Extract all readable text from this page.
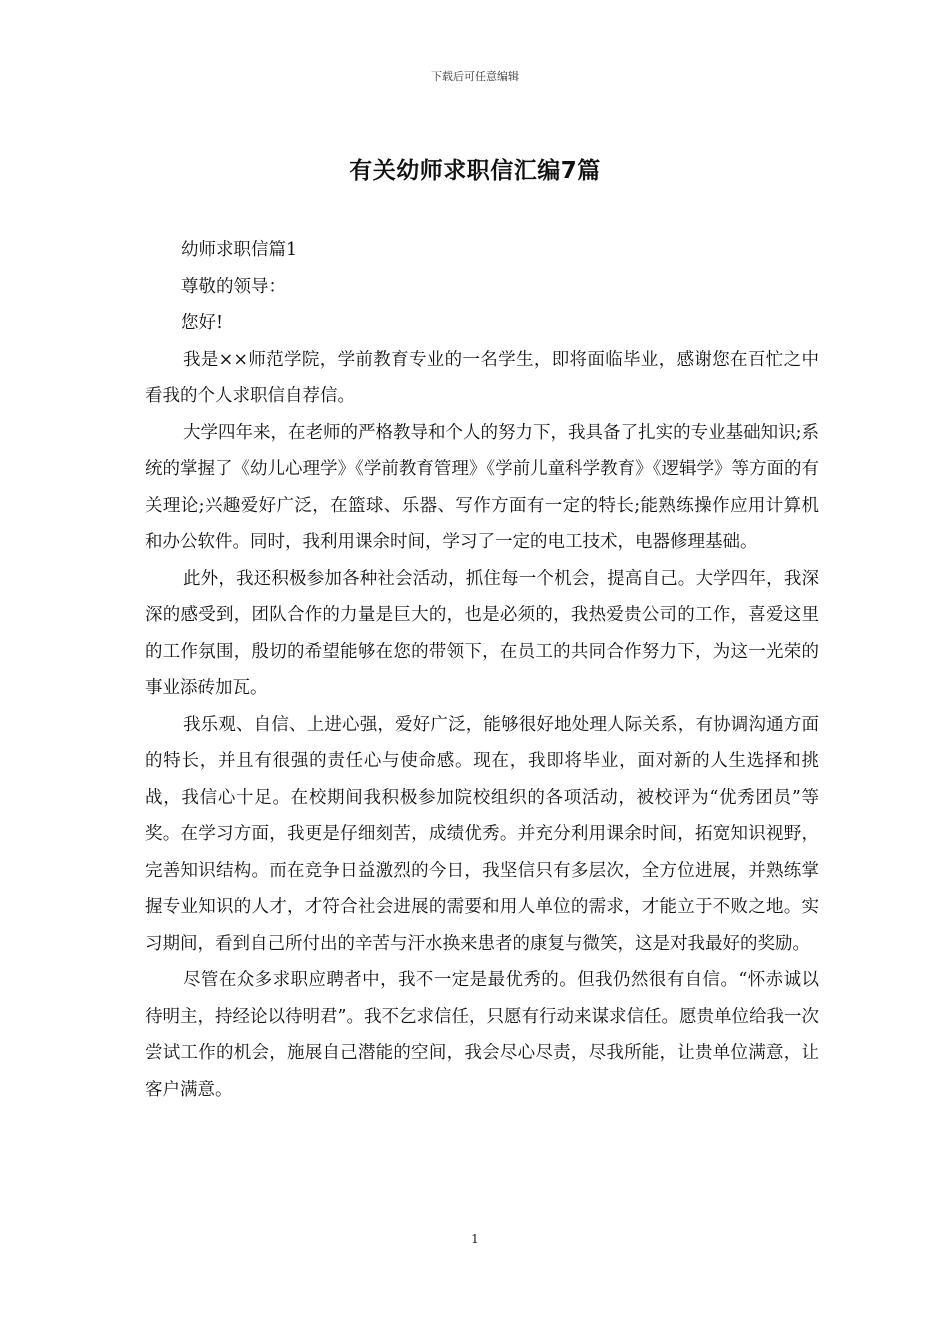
下载后可任意编辑
有关幼师求职信汇编7篇

幼师求职信篇1

尊敬的领导：

您好!

我是××师范学院，学前教育专业的一名学生，即将面临毕业，感谢您在百忙之中看我的个人求职信自荐信。

大学四年来，在老师的严格教导和个人的努力下，我具备了扎实的专业基础知识;系统的掌握了《幼儿心理学》《学前教育管理》《学前儿童科学教育》《逻辑学》等方面的有关理论;兴趣爱好广泛，在篮球、乐器、写作方面有一定的特长;能熟练操作应用计算机和办公软件。同时，我利用课余时间，学习了一定的电工技术，电器修理基础。

此外，我还积极参加各种社会活动，抓住每一个机会，提高自己。大学四年，我深深的感受到，团队合作的力量是巨大的，也是必须的，我热爱贵公司的工作，喜爱这里的工作氛围，殷切的希望能够在您的带领下，在员工的共同合作努力下，为这一光荣的事业添砖加瓦。

我乐观、自信、上进心强，爱好广泛，能够很好地处理人际关系，有协调沟通方面的特长，并且有很强的责任心与使命感。现在，我即将毕业，面对新的人生选择和挑战，我信心十足。在校期间我积极参加院校组织的各项活动，被校评为“优秀团员”等奖。在学习方面，我更是仔细刻苦，成绩优秀。并充分利用课余时间，拓宽知识视野，完善知识结构。而在竞争日益激烈的今日，我坚信只有多层次，全方位进展，并熟练掌握专业知识的人才，才符合社会进展的需要和用人单位的需求，才能立于不败之地。实习期间，看到自己所付出的辛苦与汗水换来患者的康复与微笑，这是对我最好的奖励。

尽管在众多求职应聘者中，我不一定是最优秀的。但我仍然很有自信。“怀赤诚以待明主，持经论以待明君”。我不乞求信任，只愿有行动来谋求信任。愿贵单位给我一次尝试工作的机会，施展自己潜能的空间，我会尽心尽责，尽我所能，让贵单位满意，让客户满意。

1
